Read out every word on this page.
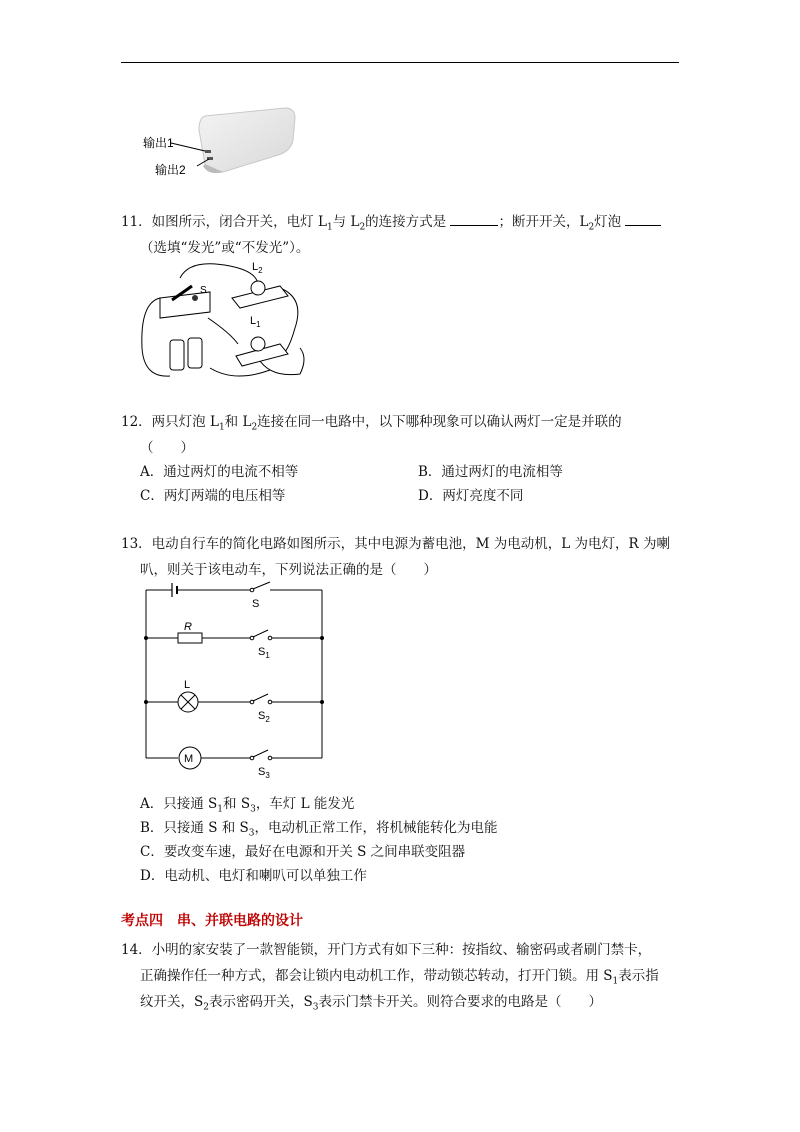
输出1
输出2
11．如图所示，闭合开关，电灯 $L_1$与 $L_2$的连接方式是	；断开开关，$L_2$灯泡
（选填“发光”或“不发光”）。
S
$L_2$
$L_1$
12．两只灯泡 $L_1$和 $L_2$连接在同一电路中，以下哪种现象可以确认两灯一定是并联的
（　　）
A．通过两灯的电流不相等	B．通过两灯的电流相等
C．两灯两端的电压相等	D．两灯亮度不同
13．电动自行车的简化电路如图所示，其中电源为蓄电池，M 为电动机，L 为电灯，R 为喇
叭，则关于该电动车，下列说法正确的是（　　）
S
R
$S_1$
L
$S_2$
M
$S_3$
A．只接通 $S_1$和 $S_3$，车灯 L 能发光
B．只接通 S 和 $S_3$，电动机正常工作，将机械能转化为电能
C．要改变车速，最好在电源和开关 S 之间串联变阻器
D．电动机、电灯和喇叭可以单独工作
考点四　串、并联电路的设计
14．小明的家安装了一款智能锁，开门方式有如下三种：按指纹、输密码或者刷门禁卡，
正确操作任一种方式，都会让锁内电动机工作，带动锁芯转动，打开门锁。用 $S_1$表示指
纹开关，$S_2$表示密码开关，$S_3$表示门禁卡开关。则符合要求的电路是（　　）
